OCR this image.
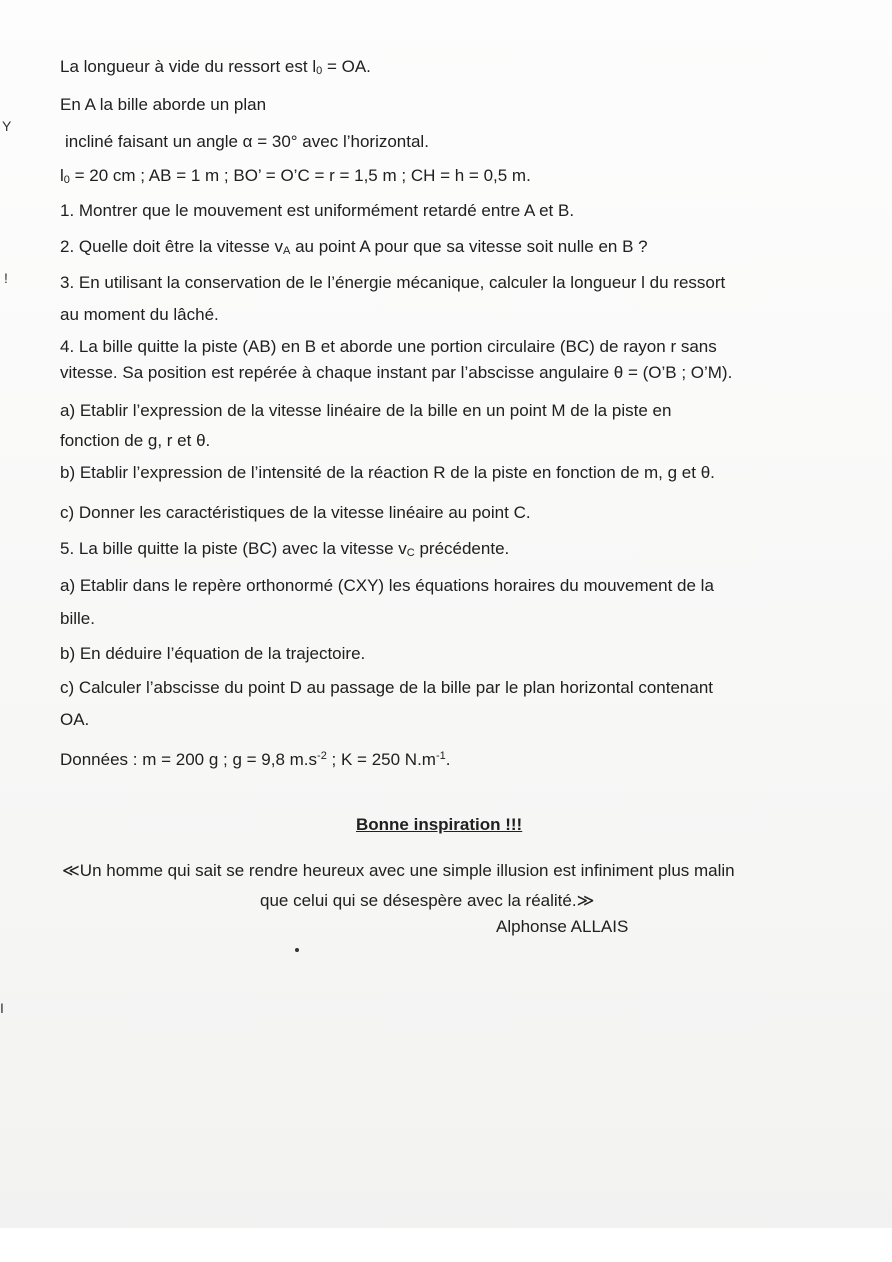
Y
!
I
La longueur à vide du ressort est l0 = OA.
En A la bille aborde un plan
incliné faisant un angle α = 30° avec l’horizontal.
l0 = 20 cm ; AB = 1 m ; BO’ = O’C = r = 1,5 m ; CH = h = 0,5 m.
1. Montrer que le mouvement est uniformément retardé entre A et B.
2. Quelle doit être la vitesse vA au point A pour que sa vitesse soit nulle en B ?
3. En utilisant la conservation de le l’énergie mécanique, calculer la longueur l du ressort
au moment du lâché.
4. La bille quitte la piste (AB) en B et aborde une portion circulaire (BC) de rayon r sans
vitesse. Sa position est repérée à chaque instant par l’abscisse angulaire θ = (O’B ; O’M).
a) Etablir l’expression de la vitesse linéaire de la bille en un point M de la piste en
fonction de g, r et θ.
b) Etablir l’expression de l’intensité de la réaction R de la piste en fonction de m, g et θ.
c) Donner les caractéristiques de la vitesse linéaire au point C.
5. La bille quitte la piste (BC) avec la vitesse vC précédente.
a) Etablir dans le repère orthonormé (CXY) les équations horaires du mouvement de la
bille.
b) En déduire l’équation de la trajectoire.
c) Calculer l’abscisse du point D au passage de la bille par le plan horizontal contenant
OA.
Données : m = 200 g ; g = 9,8 $m.s^{-2}$ ; K = 250 $N.m^{-1}$.
Bonne inspiration !!!
≪Un homme qui sait se rendre heureux avec une simple illusion est infiniment plus malin
que celui qui se désespère avec la réalité.≫
Alphonse ALLAIS
